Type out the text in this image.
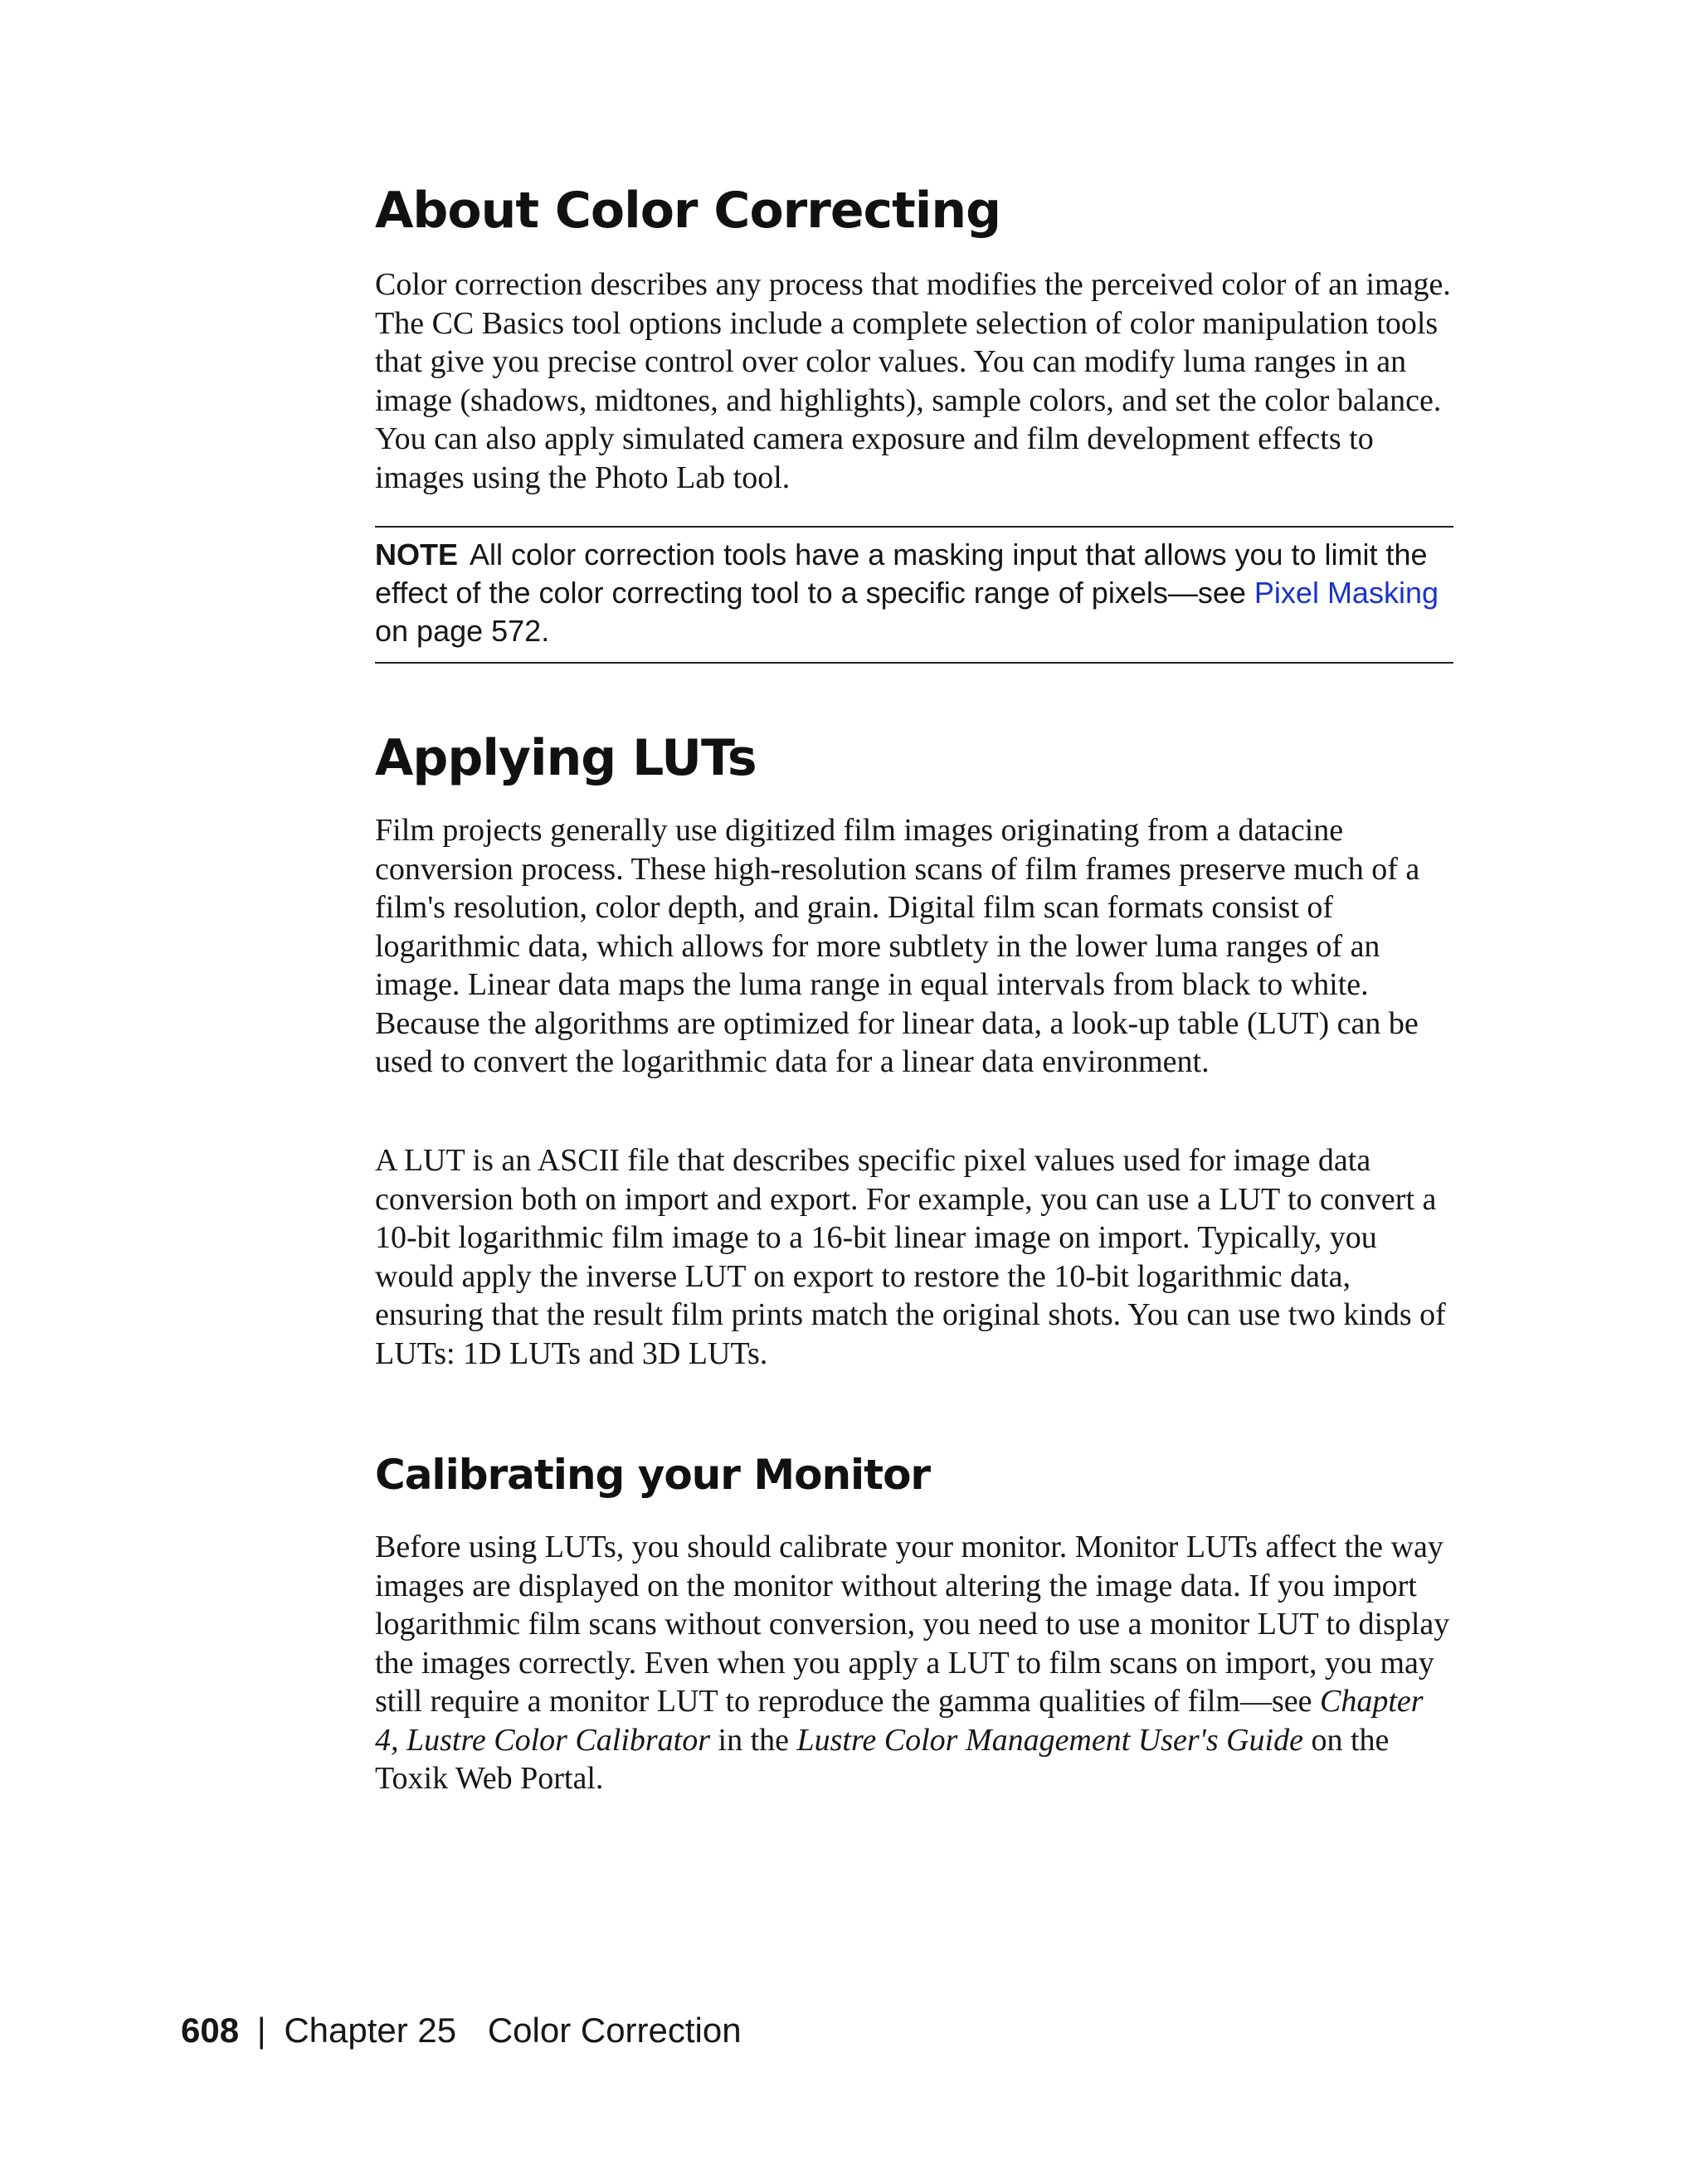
About Color Correcting

Color correction describes any process that modifies the perceived color of an image. The CC Basics tool options include a complete selection of color manipulation tools that give you precise control over color values. You can modify luma ranges in an image (shadows, midtones, and highlights), sample colors, and set the color balance. You can also apply simulated camera exposure and film development effects to images using the Photo Lab tool.

NOTE All color correction tools have a masking input that allows you to limit the effect of the color correcting tool to a specific range of pixels—see Pixel Masking on page 572.
Applying LUTs

Film projects generally use digitized film images originating from a datacine conversion process. These high-resolution scans of film frames preserve much of a film's resolution, color depth, and grain. Digital film scan formats consist of logarithmic data, which allows for more subtlety in the lower luma ranges of an image. Linear data maps the luma range in equal intervals from black to white. Because the algorithms are optimized for linear data, a look-up table (LUT) can be used to convert the logarithmic data for a linear data environment.

A LUT is an ASCII file that describes specific pixel values used for image data conversion both on import and export. For example, you can use a LUT to convert a 10-bit logarithmic film image to a 16-bit linear image on import. Typically, you would apply the inverse LUT on export to restore the 10-bit logarithmic data, ensuring that the result film prints match the original shots. You can use two kinds of LUTs: 1D LUTs and 3D LUTs.

Calibrating your Monitor

Before using LUTs, you should calibrate your monitor. Monitor LUTs affect the way images are displayed on the monitor without altering the image data. If you import logarithmic film scans without conversion, you need to use a monitor LUT to display the images correctly. Even when you apply a LUT to film scans on import, you may still require a monitor LUT to reproduce the gamma qualities of film—see Chapter 4, Lustre Color Calibrator in the Lustre Color Management User's Guide on the Toxik Web Portal.

608 | Chapter 25 Color Correction
